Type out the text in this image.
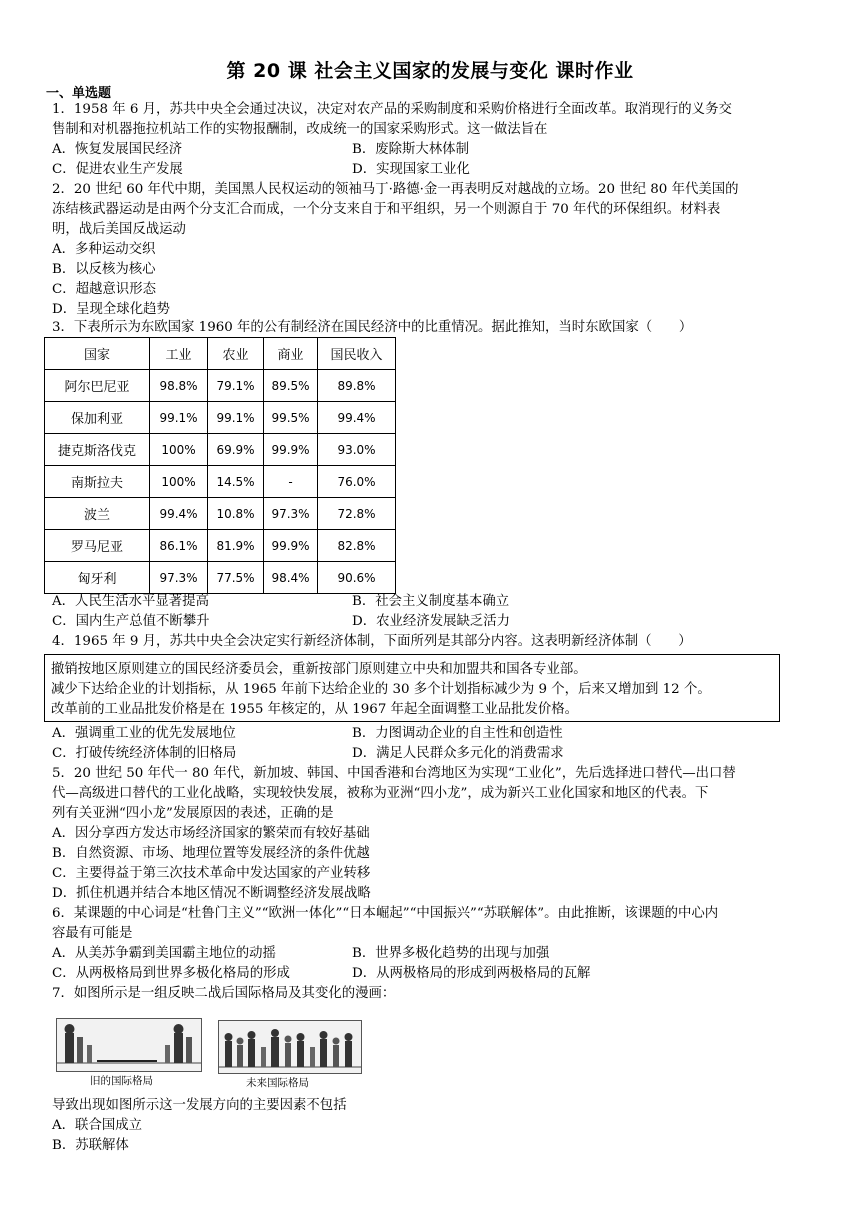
第 20 课 社会主义国家的发展与变化 课时作业
一、单选题
1．1958 年 6 月，苏共中央全会通过决议，决定对农产品的采购制度和采购价格进行全面改革。取消现行的义务交
售制和对机器拖拉机站工作的实物报酬制，改成统一的国家采购形式。这一做法旨在
A．恢复发展国民经济	B．废除斯大林体制
C．促进农业生产发展	D．实现国家工业化
2．20 世纪 60 年代中期，美国黑人民权运动的领袖马丁·路德·金一再表明反对越战的立场。20 世纪 80 年代美国的
冻结核武器运动是由两个分支汇合而成，一个分支来自于和平组织，另一个则源自于 70 年代的环保组织。材料表
明，战后美国反战运动
A．多种运动交织
B．以反核为核心
C．超越意识形态
D．呈现全球化趋势
3．下表所示为东欧国家 1960 年的公有制经济在国民经济中的比重情况。据此推知，当时东欧国家（　　）
国家	工业	农业	商业	国民收入
阿尔巴尼亚	98.8%	79.1%	89.5%	89.8%
保加利亚	99.1%	99.1%	99.5%	99.4%
捷克斯洛伐克	100%	69.9%	99.9%	93.0%
南斯拉夫	100%	14.5%	-	76.0%
波兰	99.4%	10.8%	97.3%	72.8%
罗马尼亚	86.1%	81.9%	99.9%	82.8%
匈牙利	97.3%	77.5%	98.4%	90.6%
A．人民生活水平显著提高	B．社会主义制度基本确立
C．国内生产总值不断攀升	D．农业经济发展缺乏活力
4．1965 年 9 月，苏共中央全会决定实行新经济体制，下面所列是其部分内容。这表明新经济体制（　　）
撤销按地区原则建立的国民经济委员会，重新按部门原则建立中央和加盟共和国各专业部。
减少下达给企业的计划指标，从 1965 年前下达给企业的 30 多个计划指标减少为 9 个，后来又增加到 12 个。
改革前的工业品批发价格是在 1955 年核定的，从 1967 年起全面调整工业品批发价格。
A．强调重工业的优先发展地位	B．力图调动企业的自主性和创造性
C．打破传统经济体制的旧格局	D．满足人民群众多元化的消费需求
5．20 世纪 50 年代一 80 年代，新加坡、韩国、中国香港和台湾地区为实现“工业化”，先后选择进口替代—出口替
代—高级进口替代的工业化战略，实现较快发展，被称为亚洲“四小龙”，成为新兴工业化国家和地区的代表。下
列有关亚洲“四小龙”发展原因的表述，正确的是
A．因分享西方发达市场经济国家的繁荣而有较好基础
B．自然资源、市场、地理位置等发展经济的条件优越
C．主要得益于第三次技术革命中发达国家的产业转移
D．抓住机遇并结合本地区情况不断调整经济发展战略
6．某课题的中心词是“杜鲁门主义”“欧洲一体化”“日本崛起”“中国振兴”“苏联解体”。由此推断，该课题的中心内
容最有可能是
A．从美苏争霸到美国霸主地位的动摇	B．世界多极化趋势的出现与加强
C．从两极格局到世界多极化格局的形成	D．从两极格局的形成到两极格局的瓦解
7．如图所示是一组反映二战后国际格局及其变化的漫画：
旧的国际格局	未来国际格局
导致出现如图所示这一发展方向的主要因素不包括
A．联合国成立
B．苏联解体
